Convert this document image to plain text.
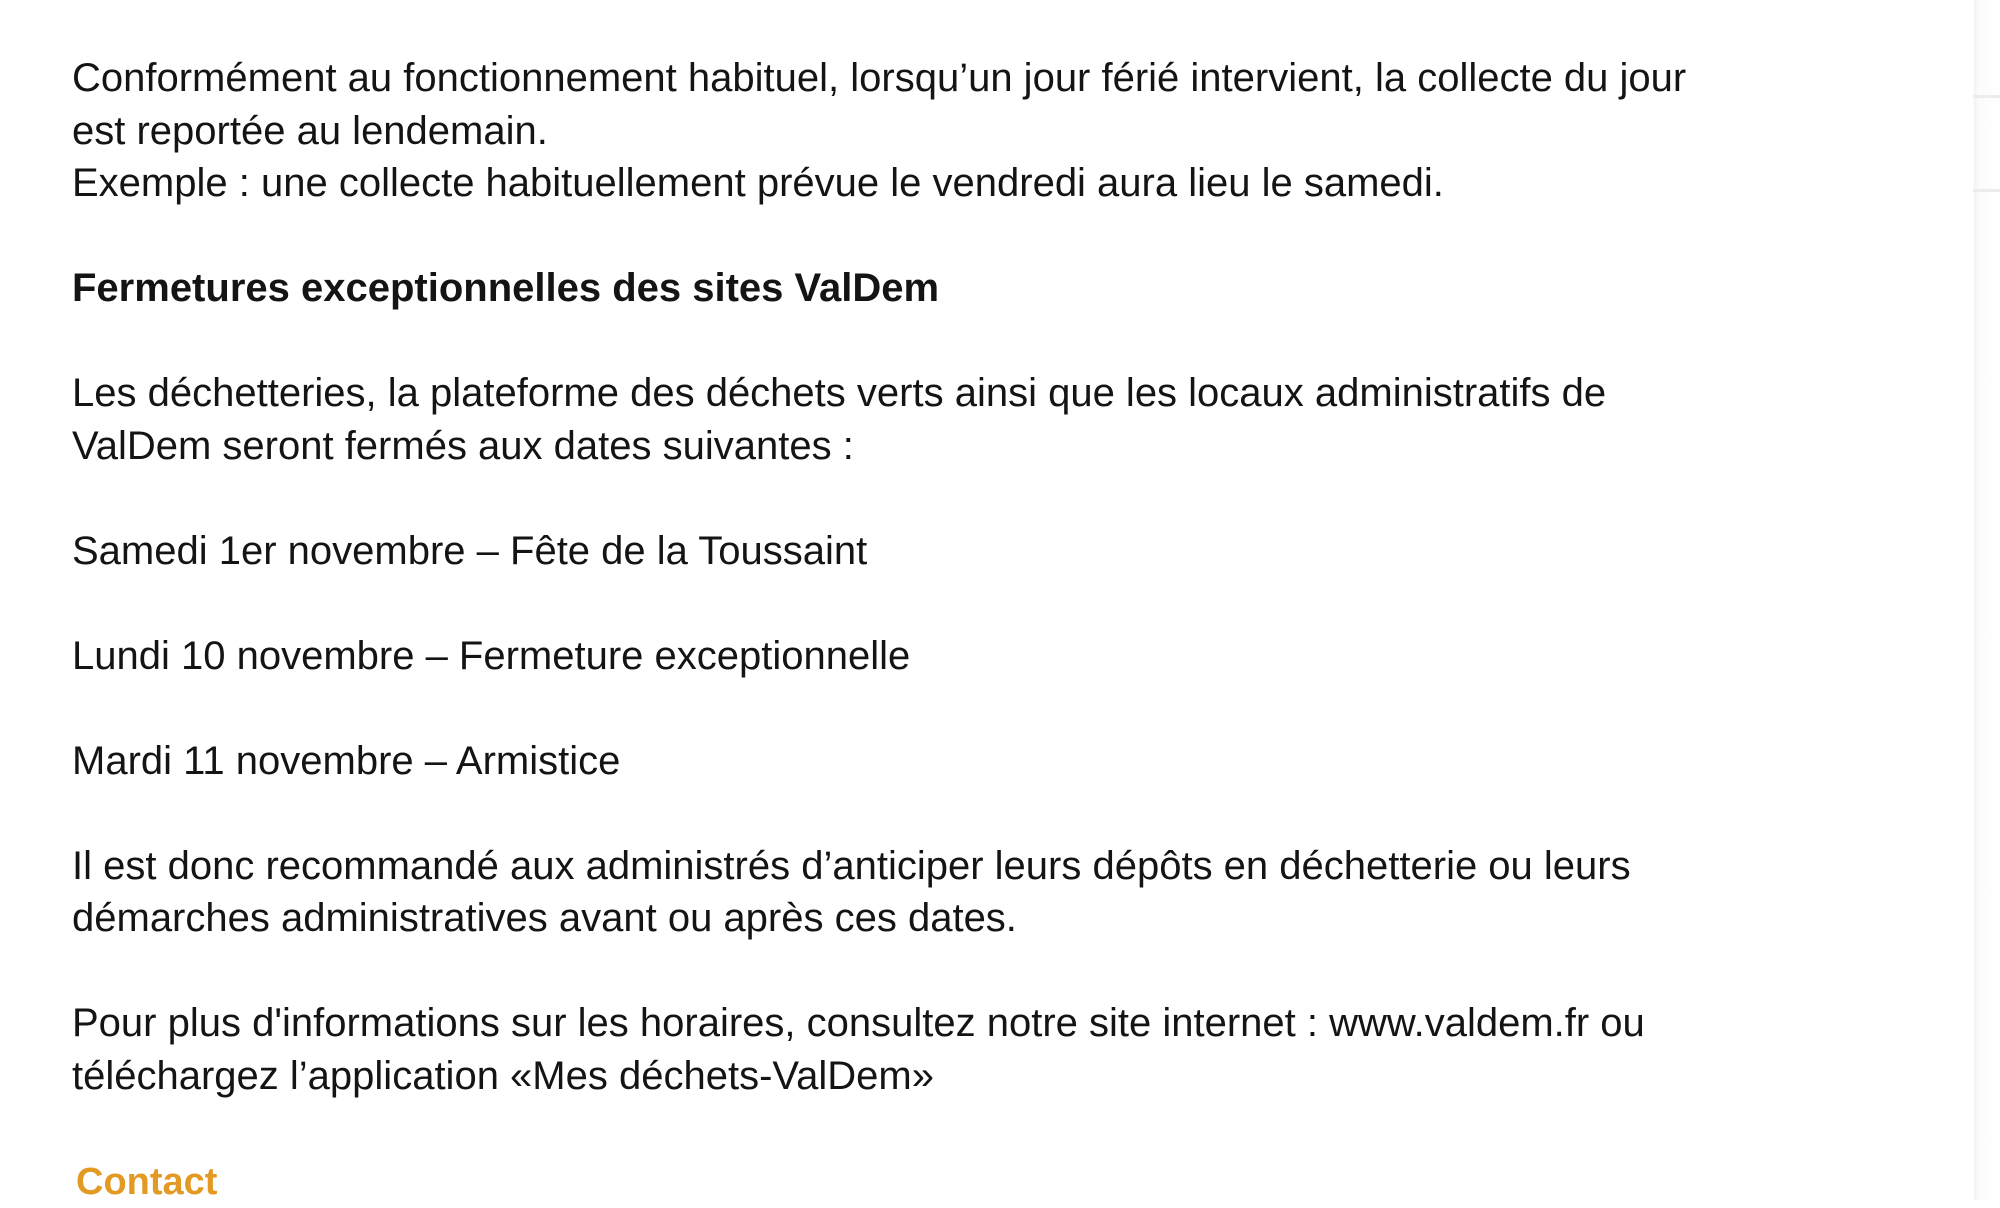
Conformément au fonctionnement habituel, lorsqu’un jour férié intervient, la collecte du jour

est reportée au lendemain.

Exemple : une collecte habituellement prévue le vendredi aura lieu le samedi.

Fermetures exceptionnelles des sites ValDem

Les déchetteries, la plateforme des déchets verts ainsi que les locaux administratifs de

ValDem seront fermés aux dates suivantes :

Samedi 1er novembre – Fête de la Toussaint

Lundi 10 novembre – Fermeture exceptionnelle

Mardi 11 novembre – Armistice

Il est donc recommandé aux administrés d’anticiper leurs dépôts en déchetterie ou leurs

démarches administratives avant ou après ces dates.

Pour plus d'informations sur les horaires, consultez notre site internet : www.valdem.fr ou

téléchargez l’application «Mes déchets-ValDem»

Contact
